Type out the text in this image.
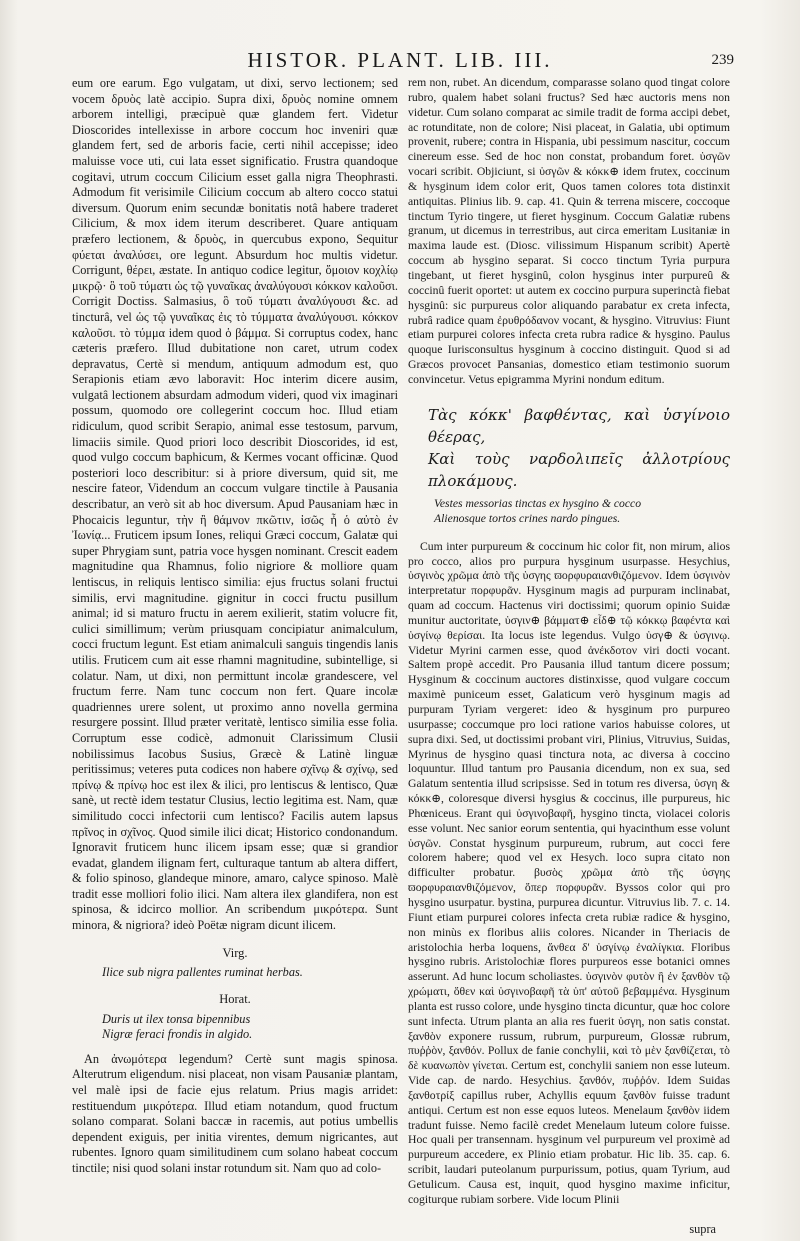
HISTOR. PLANT. LIB. III.	239

eum ore earum. Ego vulgatam, ut dixi, servo lectionem; sed vocem δρυὸς latè accipio. Supra dixi, δρυὸς nomine omnem arborem intelligi, præcipuè quæ glandem fert. Videtur Dioscorides intellexisse in arbore coccum hoc inveniri quæ glandem fert, sed de arboris facie, certi nihil accepisse; ideo maluisse voce uti, cui lata esset significatio. Frustra quandoque cogitavi, utrum coccum Cilicium esset galla nigra Theophrasti. Admodum fit verisimile Cilicium coccum ab altero cocco statui diversum. Quorum enim secundæ bonitatis notâ habere traderet Cilicium, & mox idem iterum describeret. Quare antiquam præfero lectionem, & δρυὸς, in quercubus expono, Sequitur φύεται ἀναλύσει, ore legunt. Absurdum hoc multis videtur. Corrigunt, θέρει, æstate. In antiquo codice legitur, ὅμοιον κοχλίῳ μικρῷ· ὃ τοῦ τύματι ὡς τῷ γυναῖκας ἀναλύγουσι κόκκον καλοῦσι. Corrigit Doctiss. Salmasius, ὃ τοῦ τύματι ἀναλύγουσι &c. ad tincturâ, vel ὡς τῷ γυναῖκας ἐις τὸ τύμματα ἀναλύγουσι. κόκκον καλοῦσι. τὸ τύμμα idem quod ὁ βάμμα. Si corruptus codex, hanc cæteris præfero. Illud dubitatione non caret, utrum codex depravatus, Certè si mendum, antiquum admodum est, quo Serapionis etiam ævo laboravit: Hoc interim dicere ausim, vulgatâ lectionem absurdam admodum videri, quod vix imaginari possum, quomodo ore collegerint coccum hoc. Illud etiam ridiculum, quod scribit Serapio, animal esse testosum, parvum, limaciis simile. Quod priori loco describit Dioscorides, id est, quod vulgo coccum baphicum, & Kermes vocant officinæ. Quod posteriori loco describitur: si à priore diversum, quid sit, me nescire fateor, Videndum an coccum vulgare tinctile à Pausania describatur, an verò sit ab hoc diversum. Apud Pausaniam hæc in Phocaicis leguntur, τὴν ἢ θάμνον πκῶτιν, ἰσῶς ἦ ὁ αὐτὸ ἐν Ἰωνίᾳ... Fruticem ipsum Iones, reliqui Græci coccum, Galatæ qui super Phrygiam sunt, patria voce hysgen nominant. Crescit eadem magnitudine qua Rhamnus, folio nigriore & molliore quam lentiscus, in reliquis lentisco similia: ejus fructus solani fructui similis, ervi magnitudine. gignitur in cocci fructu pusillum animal; id si maturo fructu in aerem exilierit, statim volucre fit, culici simillimum; verùm priusquam concipiatur animalculum, cocci fructum legunt. Est etiam animalculi sanguis tingendis lanis utilis. Fruticem cum ait esse rhamni magnitudine, subintellige, si colatur. Nam, ut dixi, non permittunt incolæ grandescere, vel fructum ferre. Nam tunc coccum non fert. Quare incolæ quadriennes urere solent, ut proximo anno novella germina resurgere possint. Illud præter veritatè, lentisco similia esse folia. Corruptum esse codicè, admonuit Clarissimum Clusii nobilissimus Iacobus Susius, Græcè & Latinè linguæ peritissimus; veteres puta codices non habere σχῖνῳ & σχίνῳ, sed πρίνῳ & πρίνῳ hoc est ilex & ilici, pro lentiscus & lentisco, Quæ sanè, ut rectè idem testatur Clusius, lectio legitima est. Nam, quæ similitudo cocci infectorii cum lentisco? Facilis autem lapsus πρῖνος in σχῖνος. Quod simile ilici dicat; Historico condonandum. Ignoravit fruticem hunc ilicem ipsam esse; quæ si grandior evadat, glandem ilignam fert, culturaque tantum ab altera differt, & folio spinoso, glandeque minore, amaro, calyce spinoso. Malè tradit esse molliori folio ilici. Nam altera ilex glandifera, non est spinosa, & idcirco mollior. An scribendum μικρότερα. Sunt minora, & nigriora? ideò Poëtæ nigram dicunt ilicem.

Virg.
Ilice sub nigra pallentes ruminat herbas.
Horat.
Duris ut ilex tonsa bipennibus
Nigræ feraci frondis in algido.

An ἀνωμότερα legendum? Certè sunt magis spinosa. Alterutrum eligendum. nisi placeat, non visam Pausaniæ plantam, vel malè ipsi de facie ejus relatum. Prius magis arridet: restituendum μικρότερα. Illud etiam notandum, quod fructum solano comparat. Solani baccæ in racemis, aut potius umbellis dependent exiguis, per initia virentes, demum nigricantes, aut rubentes. Ignoro quam similitudinem cum solano habeat coccum tinctile; nisi quod solani instar rotundum sit. Nam quo ad colo-

rem non, rubet. An dicendum, comparasse solano quod tingat colore rubro, qualem habet solani fructus? Sed hæc auctoris mens non videtur. Cum solano comparat ac simile tradit de forma accipi debet, ac rotunditate, non de colore; Nisi placeat, in Galatia, ubi optimum provenit, rubere; contra in Hispania, ubi pessimum nascitur, coccum cinereum esse. Sed de hoc non constat, probandum foret. ὑσγῶν vocari scribit. Objiciunt, si ὑσγῶν & κόκκ⊕ idem frutex, coccinum & hysginum idem color erit, Quos tamen colores tota distinxit antiquitas. Plinius lib. 9. cap. 41. Quin & terrena miscere, coccoque tinctum Tyrio tingere, ut fieret hysginum. Coccum Galatiæ rubens granum, ut dicemus in terrestribus, aut circa emeritam Lusitaniæ in maxima laude est. (Diosc. vilissimum Hispanum scribit) Apertè coccum ab hysgino separat. Si cocco tinctum Tyria purpura tingebant, ut fieret hysginû, colon hysginus inter purpureû & coccinû fuerit oportet: ut autem ex coccino purpura superinctà fiebat hysginû: sic purpureus color aliquando parabatur ex creta infecta, rubrâ radice quam ἐρυθρόδανον vocant, & hysgino. Vitruvius: Fiunt etiam purpurei colores infecta creta rubra radice & hysgino. Paulus quoque Iurisconsultus hysginum à coccino distinguit. Quod si ad Græcos provocet Pansanias, domestico etiam testimonio suorum convincetur. Vetus epigramma Myrini nondum editum.

Τὰς κόκκ' βαφθέντας, καὶ ὑσγίνοιο θέερας,
Καὶ τοὺς ναρδολιπεῖς ἀλλοτρίους πλοκάμους.
Vestes messorias tinctas ex hysgino & cocco
Alienosque tortos crines nardo pingues.

Cum inter purpureum & coccinum hic color fit, non mirum, alios pro cocco, alios pro purpura hysginum usurpasse. Hesychius, ὑσγινὸς χρῶμα ἀπὸ τῆς ὑσγης ϖορφυραιανθιζόμενον. Idem ὑσγινὸν interpretatur πορφυρᾶν. Hysginum magis ad purpuram inclinabat, quam ad coccum. Hactenus viri doctissimi; quorum opinio Suidæ munitur auctoritate, ὑσγιν⊕ βάμματ⊕ εἶδ⊕ τῷ κόκκῳ βαφέντα καὶ ὑσγίνῳ θερίσαι. Ita locus iste legendus. Vulgo ὑσγ⊕ & ὑσγινῳ. Videtur Myrini carmen esse, quod ἀνέκδοτον viri docti vocant. Saltem propè accedit. Pro Pausania illud tantum dicere possum; Hysginum & coccinum auctores distinxisse, quod vulgare coccum maximè puniceum esset, Galaticum verò hysginum magis ad purpuram Tyriam vergeret: ideo & hysginum pro purpureo usurpasse; coccumque pro loci ratione varios habuisse colores, ut supra dixi. Sed, ut doctissimi probant viri, Plinius, Vitruvius, Suidas, Myrinus de hysgino quasi tinctura nota, ac diversa à coccino loquuntur. Illud tantum pro Pausania dicendum, non ex sua, sed Galatum sententia illud scripsisse. Sed in totum res diversa, ὑσγη & κόκκ⊕, coloresque diversi hysgius & coccinus, ille purpureus, hic Phœniceus. Erant qui ὑσγινοβαφῆ, hysgino tincta, violacei coloris esse volunt. Nec sanior eorum sententia, qui hyacinthum esse volunt ὑσγῶν. Constat hysginum purpureum, rubrum, aut cocci fere colorem habere; quod vel ex Hesych. loco supra citato non difficulter probatur. βυσὸς χρῶμα ἀπὸ τῆς ὑσγης ϖορφυραιανθιζόμενον, ὅπερ πορφυρᾶν. Byssos color qui pro hysgino usurpatur. bystina, purpurea dicuntur. Vitruvius lib. 7. c. 14. Fiunt etiam purpurei colores infecta creta rubiæ radice & hysgino, non minùs ex floribus aliis colores. Nicander in Theriacis de aristolochia herba loquens, ἄνθεα δ' ὑσγίνῳ ἐναλίγκια. Floribus hysgino rubris. Aristolochiæ flores purpureos esse botanici omnes asserunt. Ad hunc locum scholiastes. ὑσγινὸν φυτὸν ἢ ἐν ξανθὸν τῷ χρώματι, ὅθεν καὶ ὑσγινοβαφῆ τὰ ὑπ' αὐτοῦ βεβαμμένα. Hysginum planta est russo colore, unde hysgino tincta dicuntur, quæ hoc colore sunt infecta. Utrum planta an alia res fuerit ὑσγη, non satis constat. ξανθὸν exponere russum, rubrum, purpureum, Glossæ rubrum, πυῤῥὸν, ξανθόν. Pollux de fanie conchylii, καὶ τὸ μὲν ξανθίζεται, τὸ δὲ κυανωπὸν γίνεται. Certum est, conchylii saniem non esse luteum. Vide cap. de nardo. Hesychius. ξανθόν, πυῤῥόν. Idem Suidas ξανθοτρίξ capillus ruber, Achyllis equum ξανθὸν fuisse tradunt antiqui. Certum est non esse equos luteos. Menelaum ξανθὸν iidem tradunt fuisse. Nemo facilè credet Menelaum luteum colore fuisse. Hoc quali per transennam. hysginum vel purpureum vel proximè ad purpureum accedere, ex Plinio etiam probatur. Hic lib. 35. cap. 6. scribit, laudari puteolanum purpurissum, potius, quam Tyrium, aud Getulicum. Causa est, inquit, quod hysgino maxime inficitur, cogiturque rubiam sorbere. Vide locum Plinii

supra
